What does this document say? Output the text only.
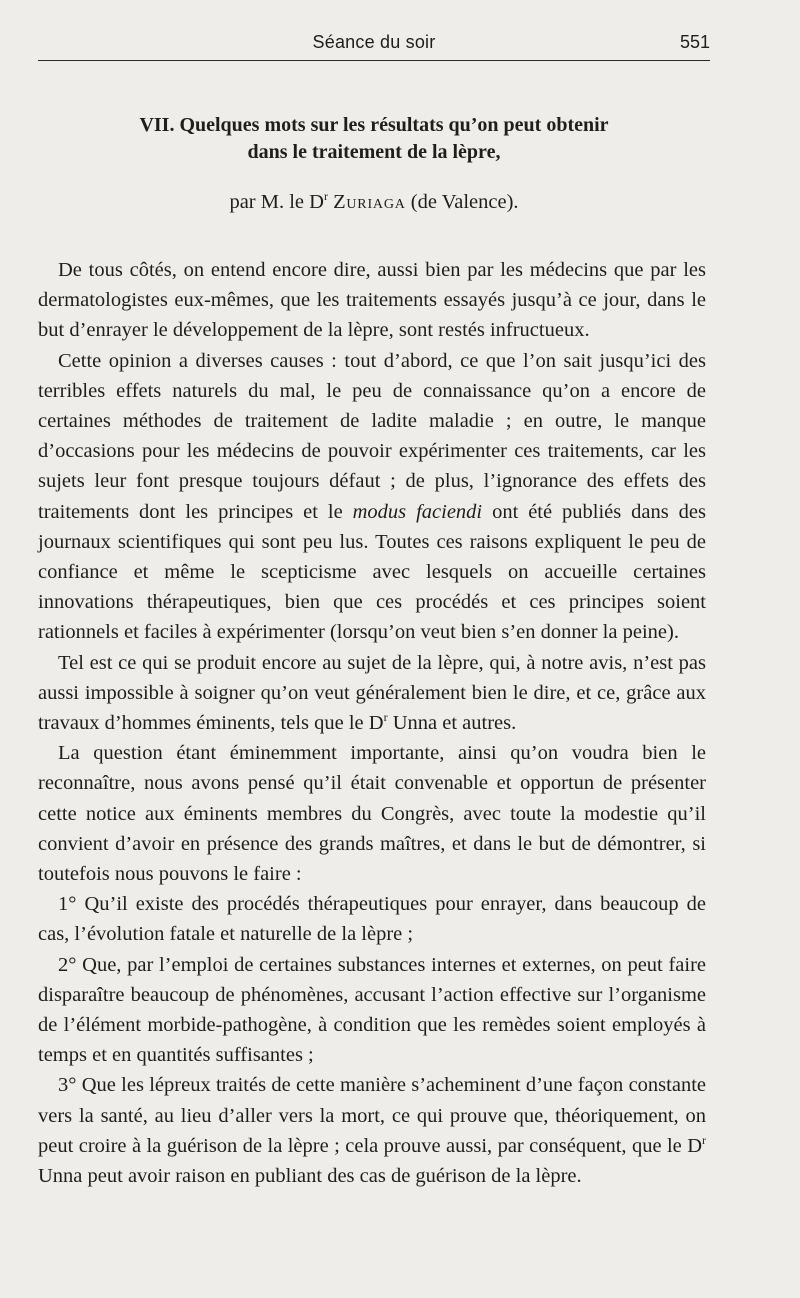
Séance du soir	551
VII. Quelques mots sur les résultats qu’on peut obtenir
dans le traitement de la lèpre,
par M. le $D^r$ Zuriaga (de Valence).

De tous côtés, on entend encore dire, aussi bien par les médecins que par les dermatologistes eux-mêmes, que les traitements essayés jusqu’à ce jour, dans le but d’enrayer le développement de la lèpre, sont restés infructueux.

Cette opinion a diverses causes : tout d’abord, ce que l’on sait jusqu’ici des terribles effets naturels du mal, le peu de connaissance qu’on a encore de certaines méthodes de traitement de ladite maladie ; en outre, le manque d’occasions pour les médecins de pouvoir expérimenter ces traitements, car les sujets leur font presque toujours défaut ; de plus, l’ignorance des effets des traitements dont les principes et le modus faciendi ont été publiés dans des journaux scientifiques qui sont peu lus. Toutes ces raisons expliquent le peu de confiance et même le scepticisme avec lesquels on accueille certaines innovations thérapeutiques, bien que ces procédés et ces principes soient rationnels et faciles à expérimenter (lorsqu’on veut bien s’en donner la peine).

Tel est ce qui se produit encore au sujet de la lèpre, qui, à notre avis, n’est pas aussi impossible à soigner qu’on veut généralement bien le dire, et ce, grâce aux travaux d’hommes éminents, tels que le $D^r$ Unna et autres.

La question étant éminemment importante, ainsi qu’on voudra bien le reconnaître, nous avons pensé qu’il était convenable et opportun de présenter cette notice aux éminents membres du Congrès, avec toute la modestie qu’il convient d’avoir en présence des grands maîtres, et dans le but de démontrer, si toutefois nous pouvons le faire :

1° Qu’il existe des procédés thérapeutiques pour enrayer, dans beaucoup de cas, l’évolution fatale et naturelle de la lèpre ;

2° Que, par l’emploi de certaines substances internes et externes, on peut faire disparaître beaucoup de phénomènes, accusant l’action effective sur l’organisme de l’élément morbide-pathogène, à condition que les remèdes soient employés à temps et en quantités suffisantes ;

3° Que les lépreux traités de cette manière s’acheminent d’une façon constante vers la santé, au lieu d’aller vers la mort, ce qui prouve que, théoriquement, on peut croire à la guérison de la lèpre ; cela prouve aussi, par conséquent, que le $D^r$ Unna peut avoir raison en publiant des cas de guérison de la lèpre.
